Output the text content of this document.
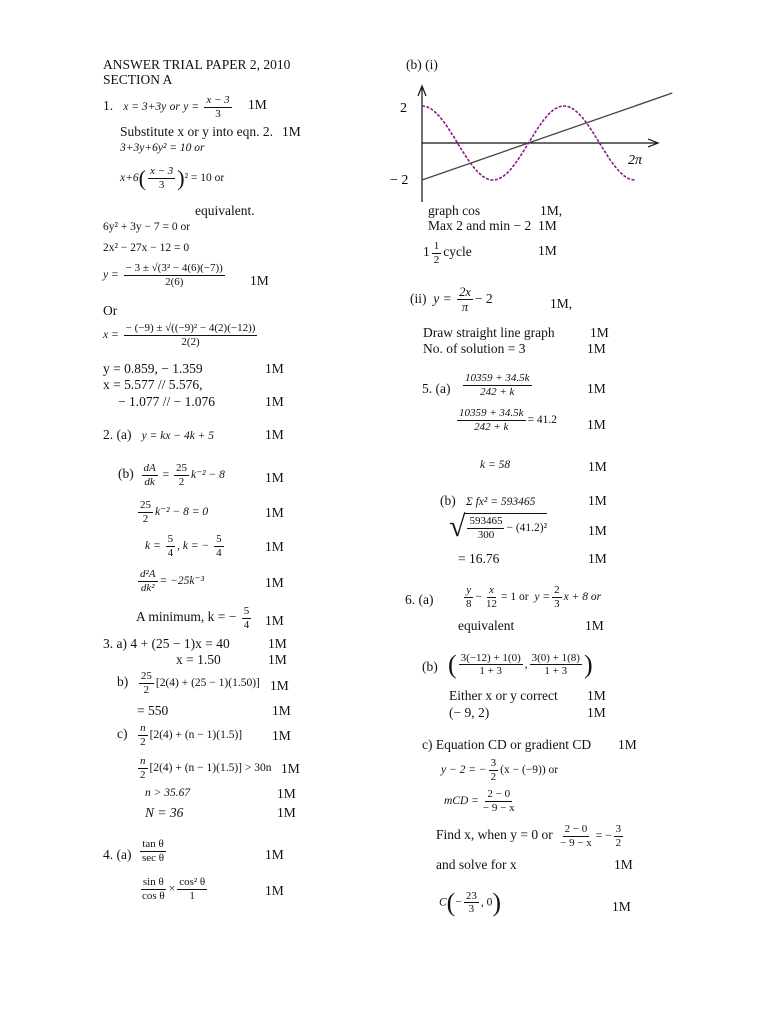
ANSWER TRIAL PAPER 2, 2010
SECTION A
1. x = 3+3y or $y = \frac{x - 3}{3} 1M$
Substitute x or y into eqn. 2. 1M
3+3y+6y² = 10 or
$x+6( \frac{x - 3}{3} )^2 = 10$ or
equivalent.
6y² + 3y − 7 = 0 or
2x² − 27x − 12 = 0
$y = \frac{\text{− 3 ± √(3² − 4(6)(−7))}}{2(6)} 1M$
Or
$x = \frac{\text{− (−9) ± √((−9)² − 4(2)(−12))}}{2(2)}$
y = 0.859, − 1.359	1M
x = 5.577 // 5.576,
− 1.077 // − 1.076	1M
2. (a) y = kx − 4k + 5	1M
$(b) \frac{dA}{dk} = \frac{25}{2} k^{-2} - 8$	1M
$\frac{25}{2} k^{-2} - 8 = 0$	1M
$k = \frac{5}{4}$ , k = − $\frac{5}{4}$	1M
$\frac{\text{d²A}}{\text{dk²}} = -25k^{-3}$	1M
A minimum, k = − $\frac{5}{4} 1M$
3. a) 4 + (25 − 1)x = 40	1M
x = 1.50	1M
$b) \frac{25}{2} [2(4) + (25 - 1)(1.50)]$ 1M
= 550	1M
$c) \frac{n}{2} [2(4) + (n - 1)(1.5)]$ 1M
$\frac{n}{2} [2(4) + (n - 1)(1.5)] > 30n$ 1M
n > 35.67	1M
N = 36	1M
4. $(a) \frac{\text{tan θ}}{\text{sec θ}}$	1M
$\frac{\text{sin θ}}{\text{cos θ}} \times \frac{\text{cos² θ}}{1}$	1M
(b) (i)
2
− 2
2π
graph cos	1M,
Max 2 and min − 2 1M
$1 \frac{1}{2}$ cycle	1M
(ii) $y = \frac{2x}{\pi} - 2$	1M,
Draw straight line graph	1M
No. of solution = 3	1M
5. $(a) \frac{10359 + 34.5k}{242 + k}$	1M
$\frac{10359 + 34.5k}{242 + k} = 41.2$ 1M
k = 58	1M
(b) Σ fx² = 593465	1M
√ $\frac{593465}{300} - (41.2)^2$	1M
= 16.76	1M
6. (a)	$\frac{y}{8} - \frac{x}{12} = 1$ or $y = \frac{2}{3}$ x + 8 or
equivalent	1M
(b) ( $\frac{3(-12) + 1(0)}{1 + 3}$ , $\frac{3(0) + 1(8)}{1 + 3}$ )
Either x or y correct 1M
(− 9, 2)	1M
c) Equation CD or gradient CD 1M
y − 2 = − $\frac{3}{2} (x - (-9))$ or
mCD = $\frac{2 - 0}{- 9 - x}$
Find x, when y = 0 or $\frac{2 - 0}{- 9 - x}$ = − $\frac{3}{2}$
and solve for x	1M
$C(- \frac{23}{3}$ , 0)	1M
